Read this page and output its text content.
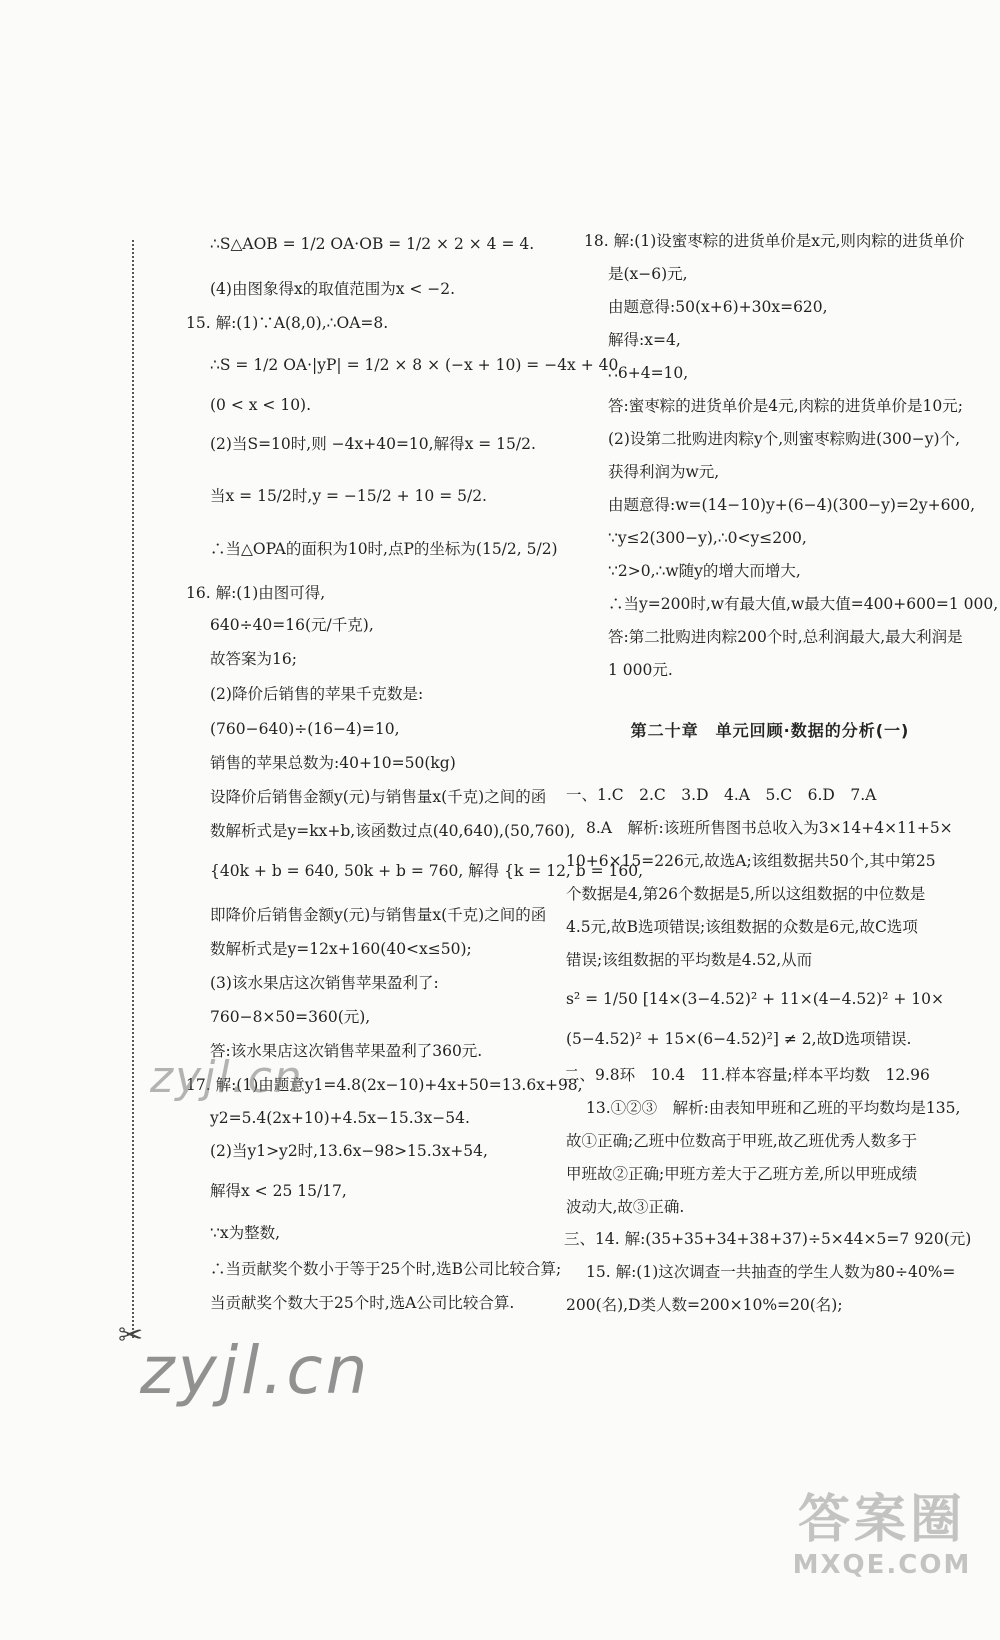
✂
∴S△AOB = 1/2 OA·OB = 1/2 × 2 × 4 = 4.
(4)由图象得x的取值范围为x < −2.
15. 解:(1)∵A(8,0),∴OA=8.
∴S = 1/2 OA·|yP| = 1/2 × 8 × (−x + 10) = −4x + 40
(0 < x < 10).
(2)当S=10时,则 −4x+40=10,解得x = 15/2.
当x = 15/2时,y = −15/2 + 10 = 5/2.
∴当△OPA的面积为10时,点P的坐标为(15/2, 5/2)
16. 解:(1)由图可得,
640÷40=16(元/千克),
故答案为16;
(2)降价后销售的苹果千克数是:
(760−640)÷(16−4)=10,
销售的苹果总数为:40+10=50(kg)
设降价后销售金额y(元)与销售量x(千克)之间的函
数解析式是y=kx+b,该函数过点(40,640),(50,760),
{40k + b = 640, 50k + b = 760, 解得 {k = 12, b = 160,
即降价后销售金额y(元)与销售量x(千克)之间的函
数解析式是y=12x+160(40<x≤50);
(3)该水果店这次销售苹果盈利了:
760−8×50=360(元),
答:该水果店这次销售苹果盈利了360元.
17. 解:(1)由题意y1=4.8(2x−10)+4x+50=13.6x+98,
y2=5.4(2x+10)+4.5x−15.3x−54.
(2)当y1>y2时,13.6x−98>15.3x+54,
解得x < 25 15/17,
∵x为整数,
∴当贡献奖个数小于等于25个时,选B公司比较合算;
当贡献奖个数大于25个时,选A公司比较合算.
18. 解:(1)设蜜枣粽的进货单价是x元,则肉粽的进货单价
是(x−6)元,
由题意得:50(x+6)+30x=620,
解得:x=4,
∴6+4=10,
答:蜜枣粽的进货单价是4元,肉粽的进货单价是10元;
(2)设第二批购进肉粽y个,则蜜枣粽购进(300−y)个,
获得利润为w元,
由题意得:w=(14−10)y+(6−4)(300−y)=2y+600,
∵y≤2(300−y),∴0<y≤200,
∵2>0,∴w随y的增大而增大,
∴当y=200时,w有最大值,w最大值=400+600=1 000,
答:第二批购进肉粽200个时,总利润最大,最大利润是
1 000元.
第二十章　单元回顾·数据的分析(一)
一、1.C　2.C　3.D　4.A　5.C　6.D　7.A
8.A　解析:该班所售图书总收入为3×14+4×11+5×
10+6×15=226元,故选A;该组数据共50个,其中第25
个数据是4,第26个数据是5,所以这组数据的中位数是
4.5元,故B选项错误;该组数据的众数是6元,故C选项
错误;该组数据的平均数是4.52,从而
s² = 1/50 [14×(3−4.52)² + 11×(4−4.52)² + 10×
(5−4.52)² + 15×(6−4.52)²] ≠ 2,故D选项错误.
二、9.8环　10.4　11.样本容量;样本平均数　12.96
13.①②③　解析:由表知甲班和乙班的平均数均是135,
故①正确;乙班中位数高于甲班,故乙班优秀人数多于
甲班故②正确;甲班方差大于乙班方差,所以甲班成绩
波动大,故③正确.
三、14. 解:(35+35+34+38+37)÷5×44×5=7 920(元)
15. 解:(1)这次调查一共抽查的学生人数为80÷40%=
200(名),D类人数=200×10%=20(名);
zyjl.cn
zyjl.cn
答案圈
MXQE.COM
